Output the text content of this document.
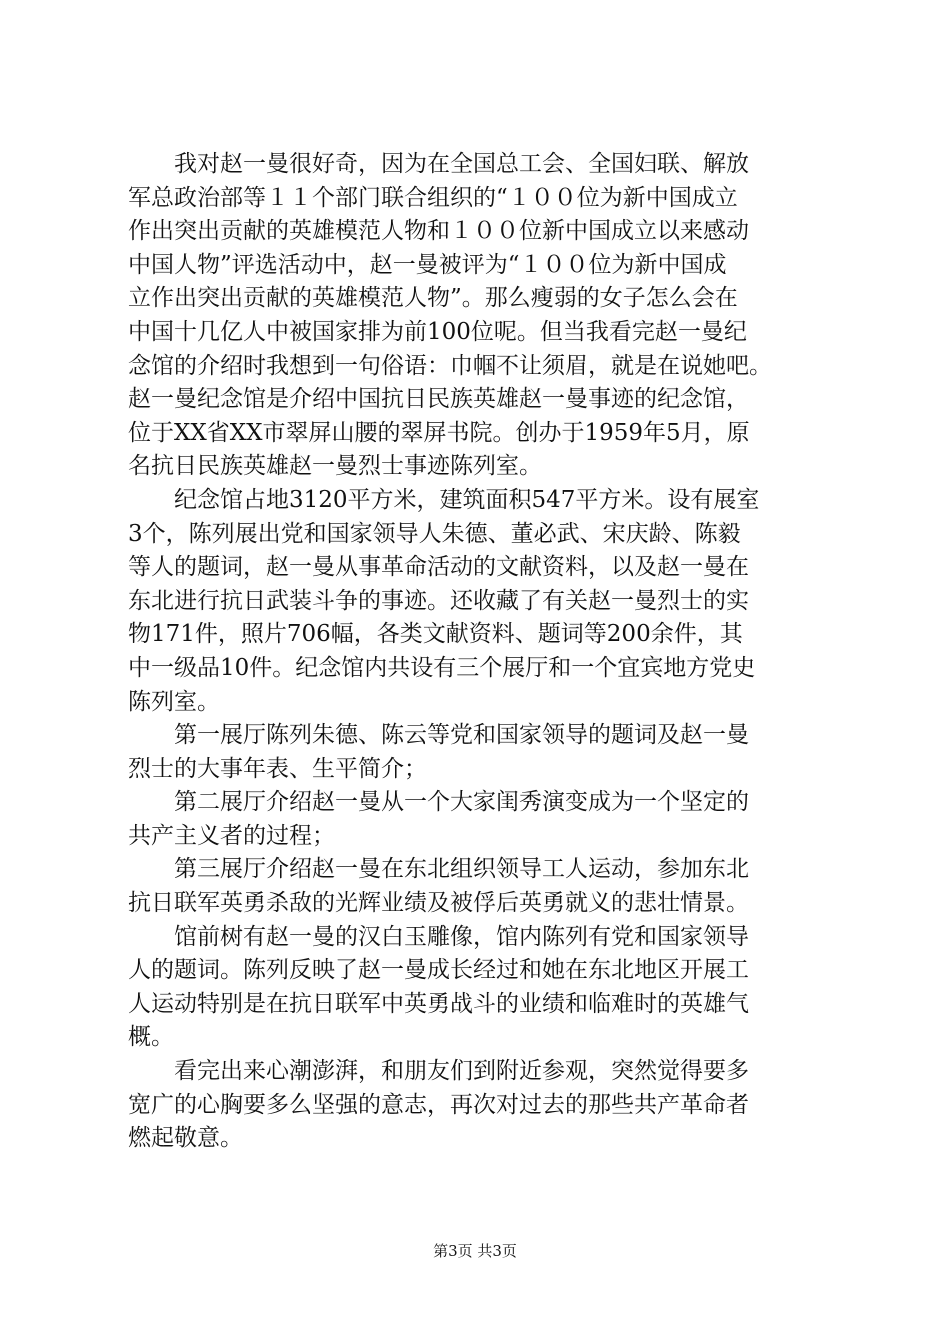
　　我对赵一曼很好奇，因为在全国总工会、全国妇联、解放
军总政治部等１１个部门联合组织的“１００位为新中国成立
作出突出贡献的英雄模范人物和１００位新中国成立以来感动
中国人物”评选活动中，赵一曼被评为“１００位为新中国成
立作出突出贡献的英雄模范人物”。那么瘦弱的女子怎么会在
中国十几亿人中被国家排为前100位呢。但当我看完赵一曼纪
念馆的介绍时我想到一句俗语：巾帼不让须眉，就是在说她吧。
赵一曼纪念馆是介绍中国抗日民族英雄赵一曼事迹的纪念馆，
位于XX省XX市翠屏山腰的翠屏书院。创办于1959年5月，原
名抗日民族英雄赵一曼烈士事迹陈列室。
　　纪念馆占地3120平方米，建筑面积547平方米。设有展室
3个，陈列展出党和国家领导人朱德、董必武、宋庆龄、陈毅
等人的题词，赵一曼从事革命活动的文献资料，以及赵一曼在
东北进行抗日武装斗争的事迹。还收藏了有关赵一曼烈士的实
物171件，照片706幅，各类文献资料、题词等200余件，其
中一级品10件。纪念馆内共设有三个展厅和一个宜宾地方党史
陈列室。
　　第一展厅陈列朱德、陈云等党和国家领导的题词及赵一曼
烈士的大事年表、生平简介；
　　第二展厅介绍赵一曼从一个大家闺秀演变成为一个坚定的
共产主义者的过程；
　　第三展厅介绍赵一曼在东北组织领导工人运动，参加东北
抗日联军英勇杀敌的光辉业绩及被俘后英勇就义的悲壮情景。
　　馆前树有赵一曼的汉白玉雕像，馆内陈列有党和国家领导
人的题词。陈列反映了赵一曼成长经过和她在东北地区开展工
人运动特别是在抗日联军中英勇战斗的业绩和临难时的英雄气
概。
　　看完出来心潮澎湃，和朋友们到附近参观，突然觉得要多
宽广的心胸要多么坚强的意志，再次对过去的那些共产革命者
燃起敬意。
第3页 共3页
